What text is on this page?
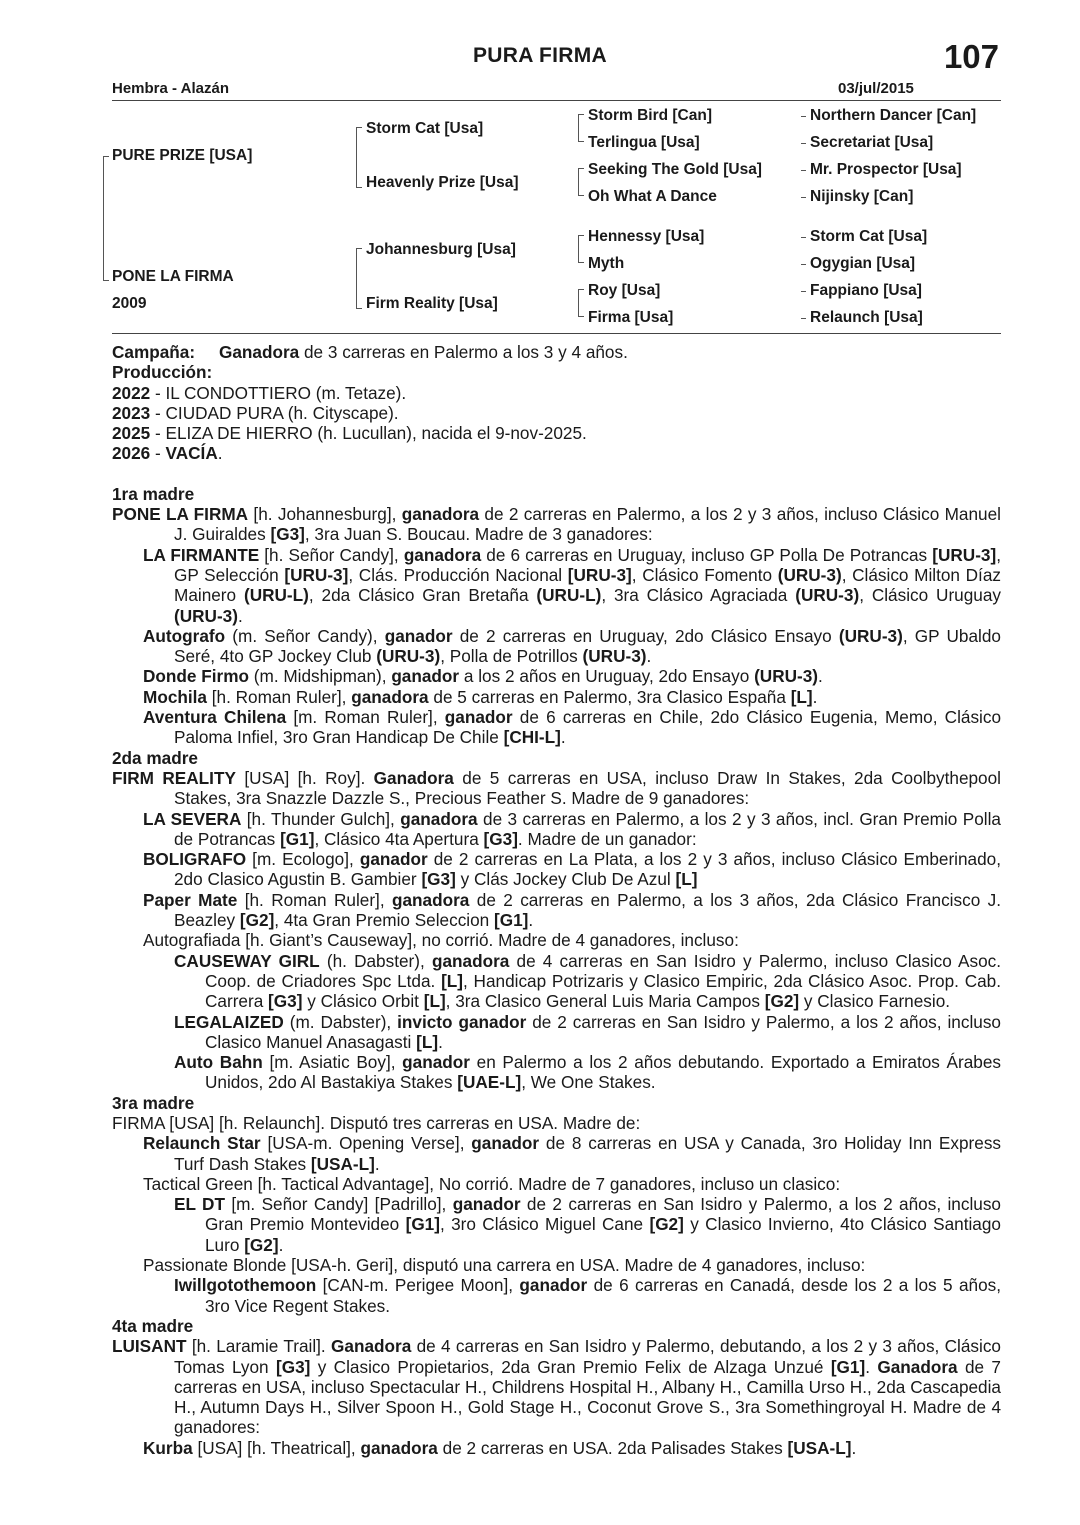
PURA FIRMA	107
Hembra - Alazán	03/jul/2015
PURE PRIZE [USA]
PONE LA FIRMA
2009
Storm Cat [Usa]
Heavenly Prize [Usa]
Johannesburg [Usa]
Firm Reality [Usa]
Storm Bird [Can]
Terlingua [Usa]
Seeking The Gold [Usa]
Oh What A Dance
Hennessy [Usa]
Myth
Roy [Usa]
Firma [Usa]
Northern Dancer [Can]
Secretariat [Usa]
Mr. Prospector [Usa]
Nijinsky [Can]
Storm Cat [Usa]
Ogygian [Usa]
Fappiano [Usa]
Relaunch [Usa]

Campaña: Ganadora de 3 carreras en Palermo a los 3 y 4 años.

Producción:

2022 - IL CONDOTTIERO (m. Tetaze).

2023 - CIUDAD PURA (h. Cityscape).

2025 - ELIZA DE HIERRO (h. Lucullan), nacida el 9-nov-2025.

2026 - VACÍA.

1ra madre

PONE LA FIRMA [h. Johannesburg], ganadora de 2 carreras en Palermo, a los 2 y 3 años, incluso Clásico Manuel J. Guiraldes [G3], 3ra Juan S. Boucau. Madre de 3 ganadores:

LA FIRMANTE [h. Señor Candy], ganadora de 6 carreras en Uruguay, incluso GP Polla De Potrancas [URU-3], GP Selección [URU-3], Clás. Producción Nacional [URU-3], Clásico Fomento (URU-3), Clásico Milton Díaz Mainero (URU-L), 2da Clásico Gran Bretaña (URU-L), 3ra Clásico Agraciada (URU-3), Clásico Uruguay (URU-3).

Autografo (m. Señor Candy), ganador de 2 carreras en Uruguay, 2do Clásico Ensayo (URU-3), GP Ubaldo Seré, 4to GP Jockey Club (URU-3), Polla de Potrillos (URU-3).

Donde Firmo (m. Midshipman), ganador a los 2 años en Uruguay, 2do Ensayo (URU-3).

Mochila [h. Roman Ruler], ganadora de 5 carreras en Palermo, 3ra Clasico España [L].

Aventura Chilena [m. Roman Ruler], ganador de 6 carreras en Chile, 2do Clásico Eugenia, Memo, Clásico Paloma Infiel, 3ro Gran Handicap De Chile [CHI-L].

2da madre

FIRM REALITY [USA] [h. Roy]. Ganadora de 5 carreras en USA, incluso Draw In Stakes, 2da Coolbythepool Stakes, 3ra Snazzle Dazzle S., Precious Feather S. Madre de 9 ganadores:

LA SEVERA [h. Thunder Gulch], ganadora de 3 carreras en Palermo, a los 2 y 3 años, incl. Gran Premio Polla de Potrancas [G1], Clásico 4ta Apertura [G3]. Madre de un ganador:

BOLIGRAFO [m. Ecologo], ganador de 2 carreras en La Plata, a los 2 y 3 años, incluso Clásico Emberinado, 2do Clasico Agustin B. Gambier [G3] y Clás Jockey Club De Azul [L]

Paper Mate [h. Roman Ruler], ganadora de 2 carreras en Palermo, a los 3 años, 2da Clásico Francisco J. Beazley [G2], 4ta Gran Premio Seleccion [G1].

Autografiada [h. Giant’s Causeway], no corrió. Madre de 4 ganadores, incluso:

CAUSEWAY GIRL (h. Dabster), ganadora de 4 carreras en San Isidro y Palermo, incluso Clasico Asoc. Coop. de Criadores Spc Ltda. [L], Handicap Potrizaris y Clasico Empiric, 2da Clásico Asoc. Prop. Cab. Carrera [G3] y Clásico Orbit [L], 3ra Clasico General Luis Maria Campos [G2] y Clasico Farnesio.

LEGALAIZED (m. Dabster), invicto ganador de 2 carreras en San Isidro y Palermo, a los 2 años, incluso Clasico Manuel Anasagasti [L].

Auto Bahn [m. Asiatic Boy], ganador en Palermo a los 2 años debutando. Exportado a Emiratos Árabes Unidos, 2do Al Bastakiya Stakes [UAE-L], We One Stakes.

3ra madre

FIRMA [USA] [h. Relaunch]. Disputó tres carreras en USA. Madre de:

Relaunch Star [USA-m. Opening Verse], ganador de 8 carreras en USA y Canada, 3ro Holiday Inn Express Turf Dash Stakes [USA-L].

Tactical Green [h. Tactical Advantage], No corrió. Madre de 7 ganadores, incluso un clasico:

EL DT [m. Señor Candy] [Padrillo], ganador de 2 carreras en San Isidro y Palermo, a los 2 años, incluso Gran Premio Montevideo [G1], 3ro Clásico Miguel Cane [G2] y Clasico Invierno, 4to Clásico Santiago Luro [G2].

Passionate Blonde [USA-h. Geri], disputó una carrera en USA. Madre de 4 ganadores, incluso:

Iwillgotothemoon [CAN-m. Perigee Moon], ganador de 6 carreras en Canadá, desde los 2 a los 5 años, 3ro Vice Regent Stakes.

4ta madre

LUISANT [h. Laramie Trail]. Ganadora de 4 carreras en San Isidro y Palermo, debutando, a los 2 y 3 años, Clásico Tomas Lyon [G3] y Clasico Propietarios, 2da Gran Premio Felix de Alzaga Unzué [G1]. Ganadora de 7 carreras en USA, incluso Spectacular H., Childrens Hospital H., Albany H., Camilla Urso H., 2da Cascapedia H., Autumn Days H., Silver Spoon H., Gold Stage H., Coconut Grove S., 3ra Somethingroyal H. Madre de 4 ganadores:

Kurba [USA] [h. Theatrical], ganadora de 2 carreras en USA. 2da Palisades Stakes [USA-L].
